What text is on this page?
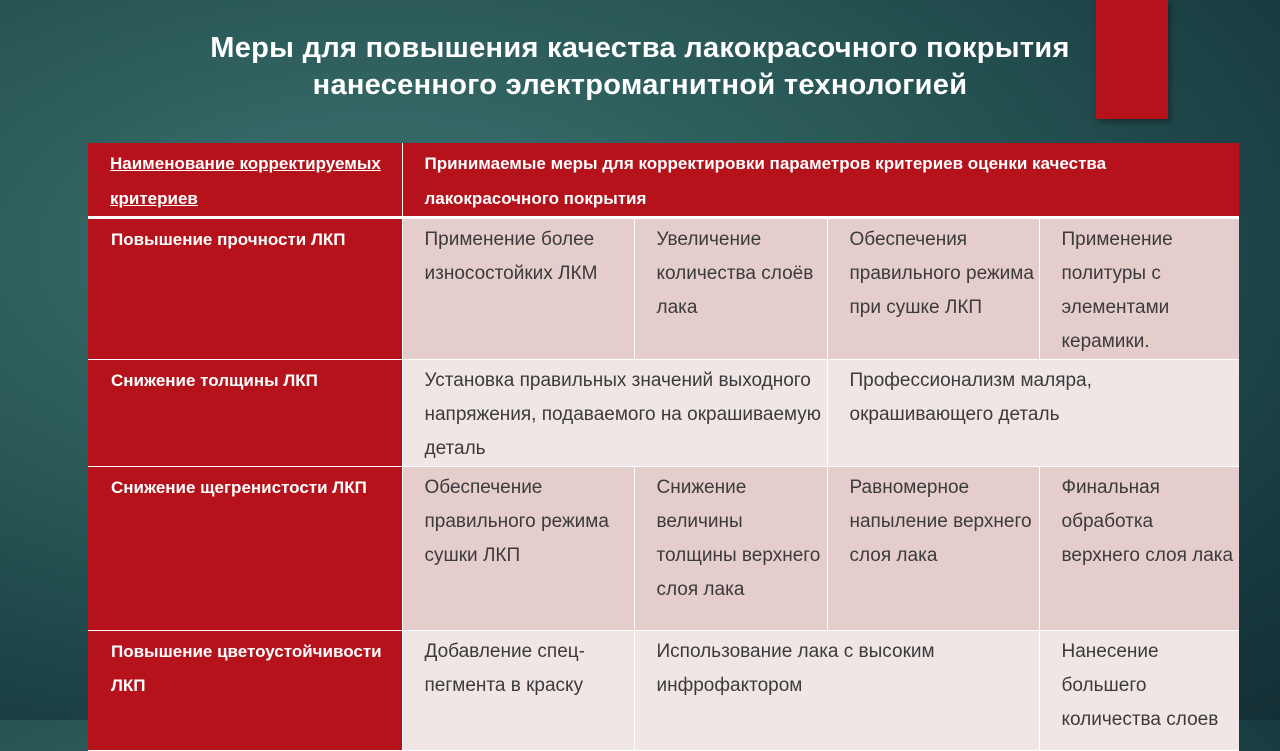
Меры для повышения качества лакокрасочного покрытия
нанесенного электромагнитной технологией
Наименование корректируемых критериев	Принимаемые меры для корректировки параметров критериев оценки качества лакокрасочного покрытия			
Повышение прочности ЛКП	Применение более износостойких ЛКМ	Увеличение количества слоёв лака	Обеспечения правильного режима при сушке ЛКП	Применение политуры с элементами керамики.
Снижение толщины ЛКП	Установка правильных значений выходного напряжения, подаваемого на окрашиваемую деталь		Профессионализм маляра, окрашивающего деталь	
Снижение щегренистости ЛКП	Обеспечение правильного режима сушки ЛКП	Снижение величины толщины верхнего слоя лака	Равномерное напыление верхнего слоя лака	Финальная обработка верхнего слоя лака
Повышение цветоустойчивости ЛКП	Добавление спец-пегмента в краску	Использование лака с высоким инфрофактором		Нанесение большего количества слоев
